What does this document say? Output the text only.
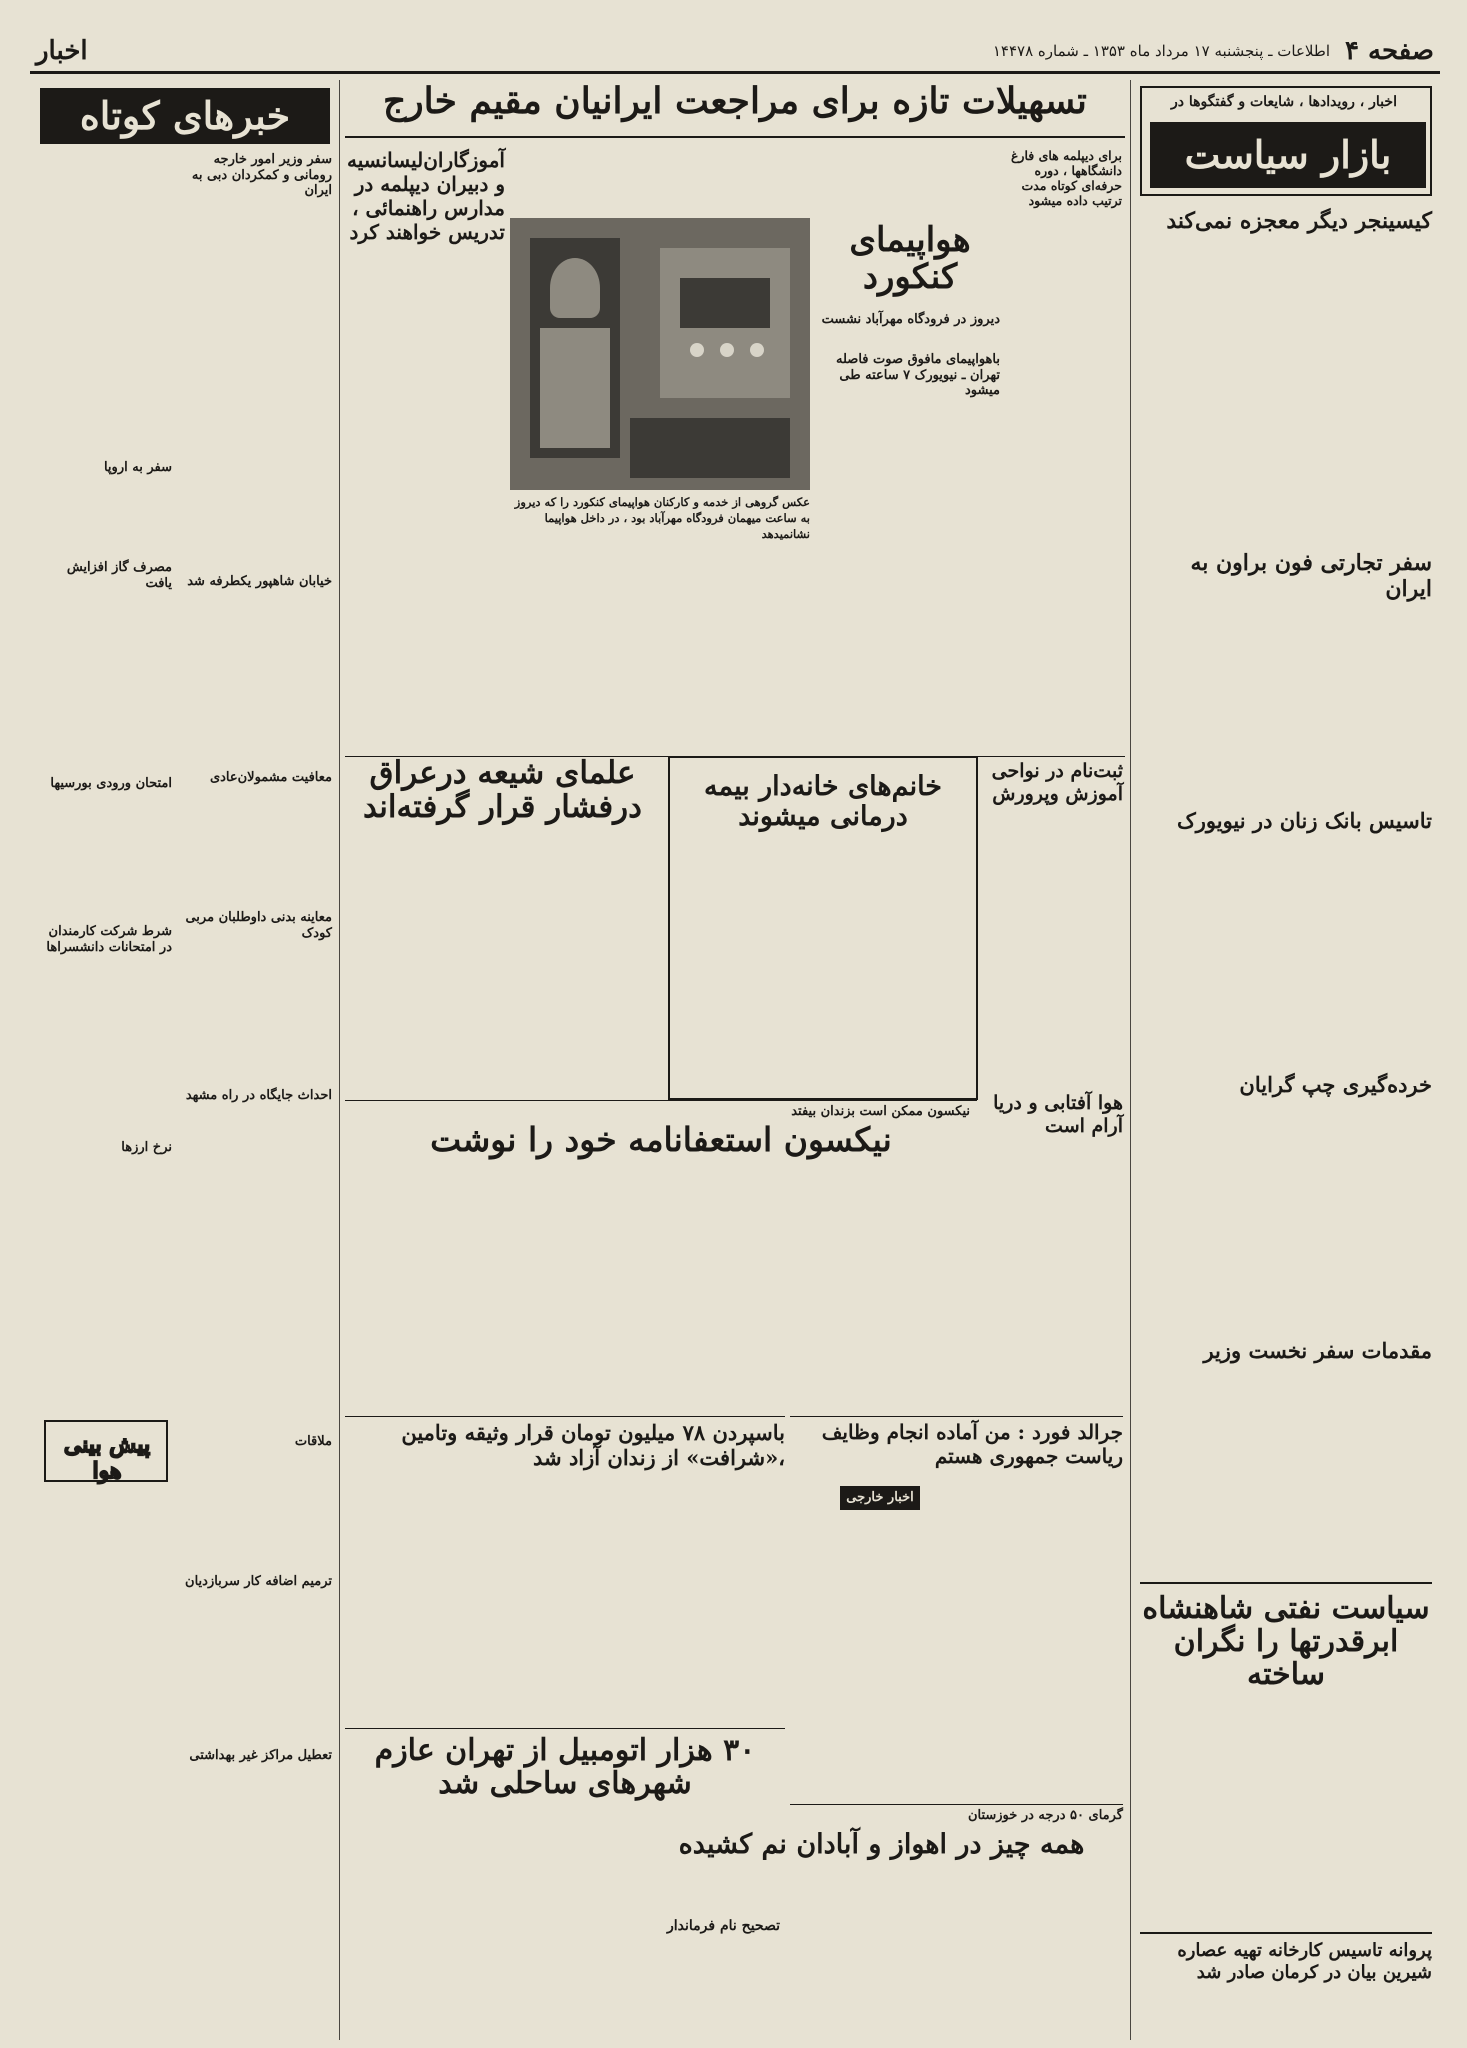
صفحه ۴
اطلاعات ـ پنجشنبه ۱۷ مرداد ماه ۱۳۵۳ ـ شماره ۱۴۴۷۸
اخبار
اخبار ، رویدادها ، شایعات و گفتگوها در
بازار سیاست
کیسینجر دیگر معجزه نمی‌کند
سفر تجارتی فون براون به ایران
تاسیس بانک زنان در نیویورک
خرده‌گیری چپ گرایان
مقدمات سفر نخست وزیر
سیاست نفتی شاهنشاه ابرقدرتها را نگران ساخته
پروانه تاسیس کارخانه تهیه عصاره شیرین بیان در کرمان صادر شد
تسهیلات تازه برای مراجعت ایرانیان مقیم خارج
برای دیپلمه های فارغ دانشگاهها ، دوره حرفه‌ای کوتاه مدت ترتیب داده میشود
عکس گروهی از خدمه و کارکنان هواپیمای کنکورد را که دیروز به ساعت میهمان فرودگاه مهرآباد بود ، در داخل هواپیما نشانمیدهد
هواپیمای کنکورد
دیروز در فرودگاه مهرآباد نشست
باهواپیمای مافوق صوت فاصله تهران ـ نیویورک ۷ ساعته طی میشود
آموزگاران‌لیسانسیه و دبیران دیپلمه در مدارس راهنمائی ، تدریس خواهند کرد
خانم‌های خانه‌دار بیمه درمانی میشوند
علمای شیعه درعراق درفشار قرار گرفته‌اند
ثبت‌نام در نواحی آموزش وپرورش
هوا آفتابی و دریا آرام است
نیکسون ممکن است بزندان بیفتد
نیکسون استعفانامه خود را نوشت
جرالد فورد : من آماده انجام وظایف ریاست جمهوری هستم
اخبار خارجی
باسپردن ۷۸ میلیون تومان قرار وثیقه وتامین ،«شرافت» از زندان آزاد شد
۳۰ هزار اتومبیل از تهران عازم شهرهای ساحلی شد
گرمای ۵۰ درجه در خوزستان
همه چیز در اهواز و آبادان نم کشیده
تصحیح نام فرماندار
خبرهای کوتاه
سفر وزیر امور خارجه رومانی و کمکردان دبی به ایران
سفر به اروپا
مصرف گاز افزایش یافت	خیابان شاهپور یکطرفه شد
امتحان ورودی بورسیها	معافیت مشمولان‌عادی
شرط شرکت کارمندان در امتحانات دانشسراها
معاینه بدنی داوطلبان مربی کودک
نرخ ارزها
احداث جایگاه در راه مشهد
پیش بینی هوا
ملاقات
ترمیم اضافه کار سربازدیان
تعطیل مراکز غیر بهداشتی
